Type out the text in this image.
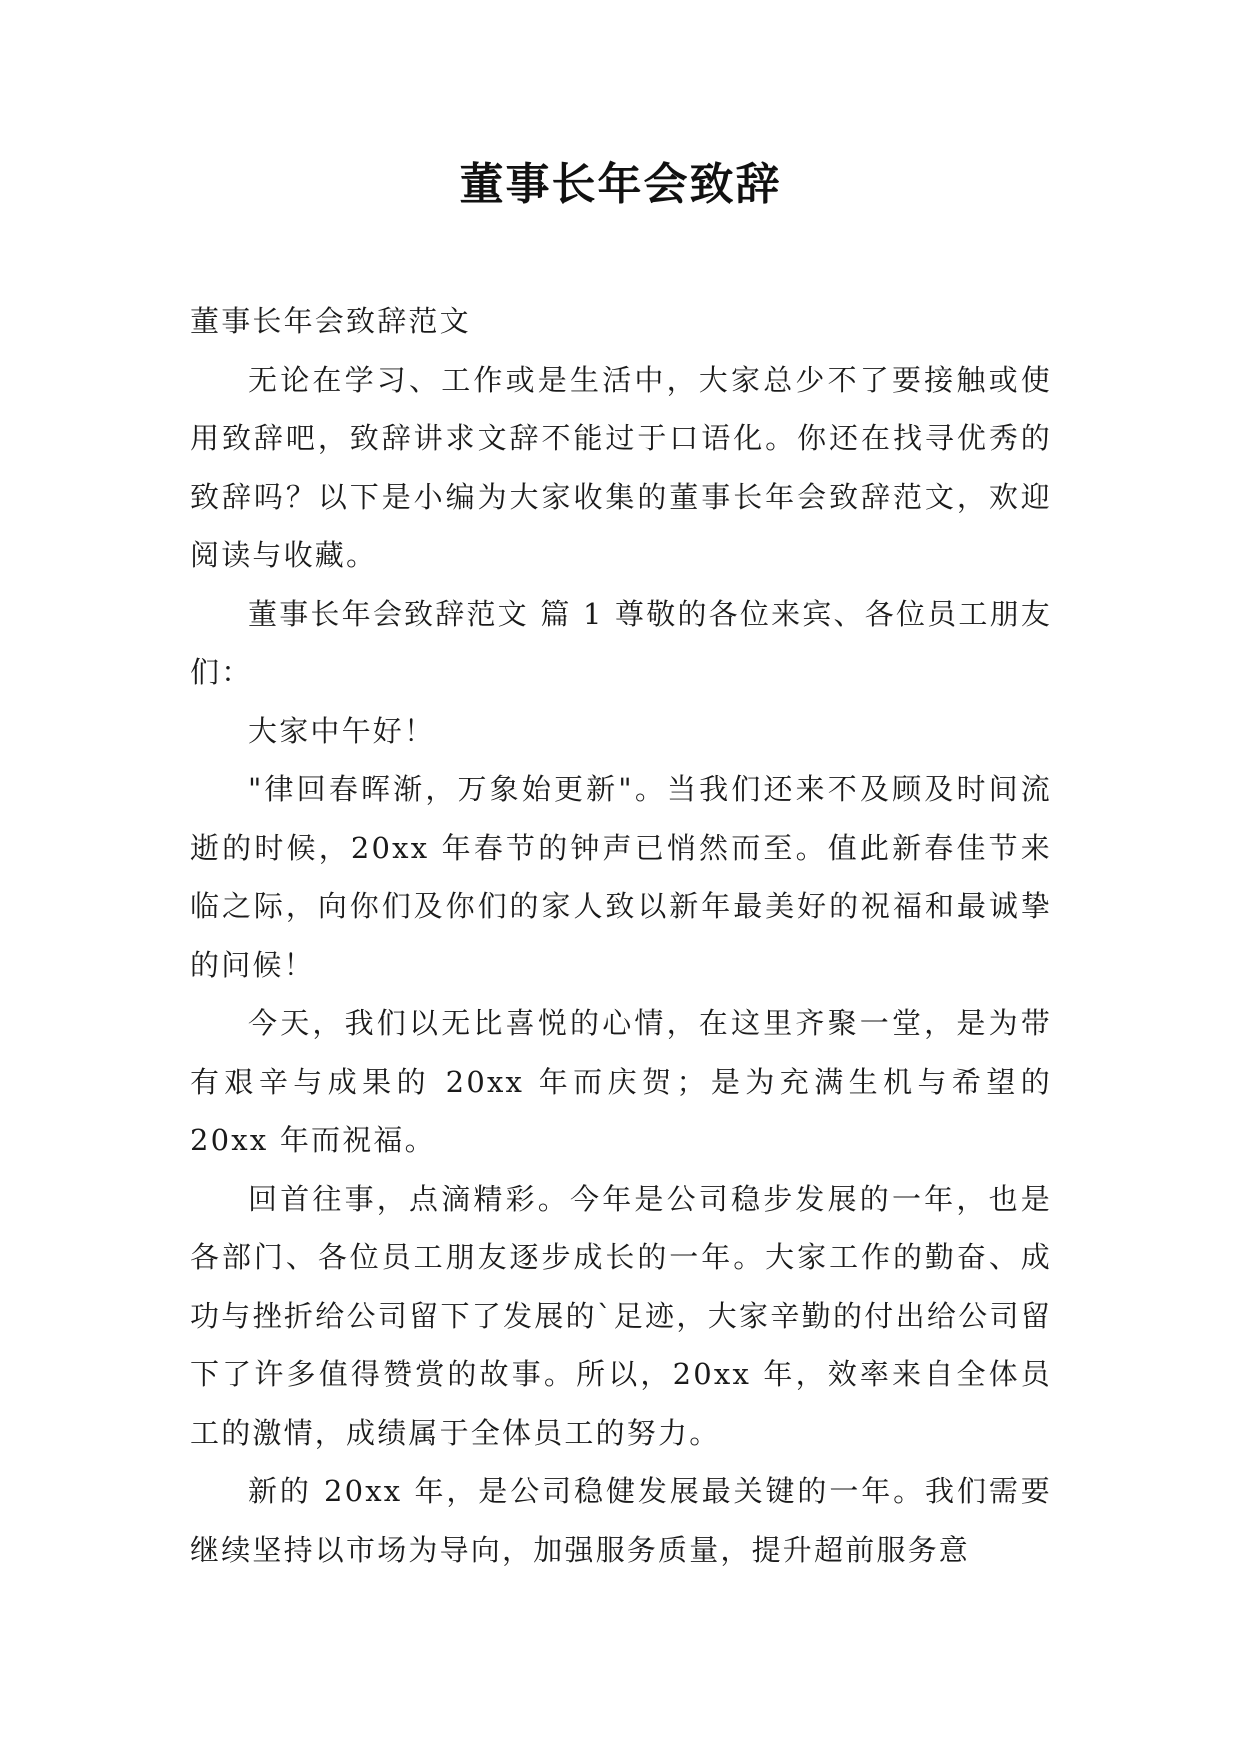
董事长年会致辞

董事长年会致辞范文

无论在学习、工作或是生活中，大家总少不了要接触或使用致辞吧，致辞讲求文辞不能过于口语化。你还在找寻优秀的致辞吗？以下是小编为大家收集的董事长年会致辞范文，欢迎阅读与收藏。

董事长年会致辞范文 篇 1 尊敬的各位来宾、各位员工朋友们：

大家中午好！

"律回春晖渐，万象始更新"。当我们还来不及顾及时间流逝的时候，20xx 年春节的钟声已悄然而至。值此新春佳节来临之际，向你们及你们的家人致以新年最美好的祝福和最诚挚的问候！

今天，我们以无比喜悦的心情，在这里齐聚一堂，是为带有艰辛与成果的 20xx 年而庆贺；是为充满生机与希望的 20xx 年而祝福。

回首往事，点滴精彩。今年是公司稳步发展的一年，也是各部门、各位员工朋友逐步成长的一年。大家工作的勤奋、成功与挫折给公司留下了发展的`足迹，大家辛勤的付出给公司留下了许多值得赞赏的故事。所以，20xx 年，效率来自全体员工的激情，成绩属于全体员工的努力。

新的 20xx 年，是公司稳健发展最关键的一年。我们需要继续坚持以市场为导向，加强服务质量，提升超前服务意
